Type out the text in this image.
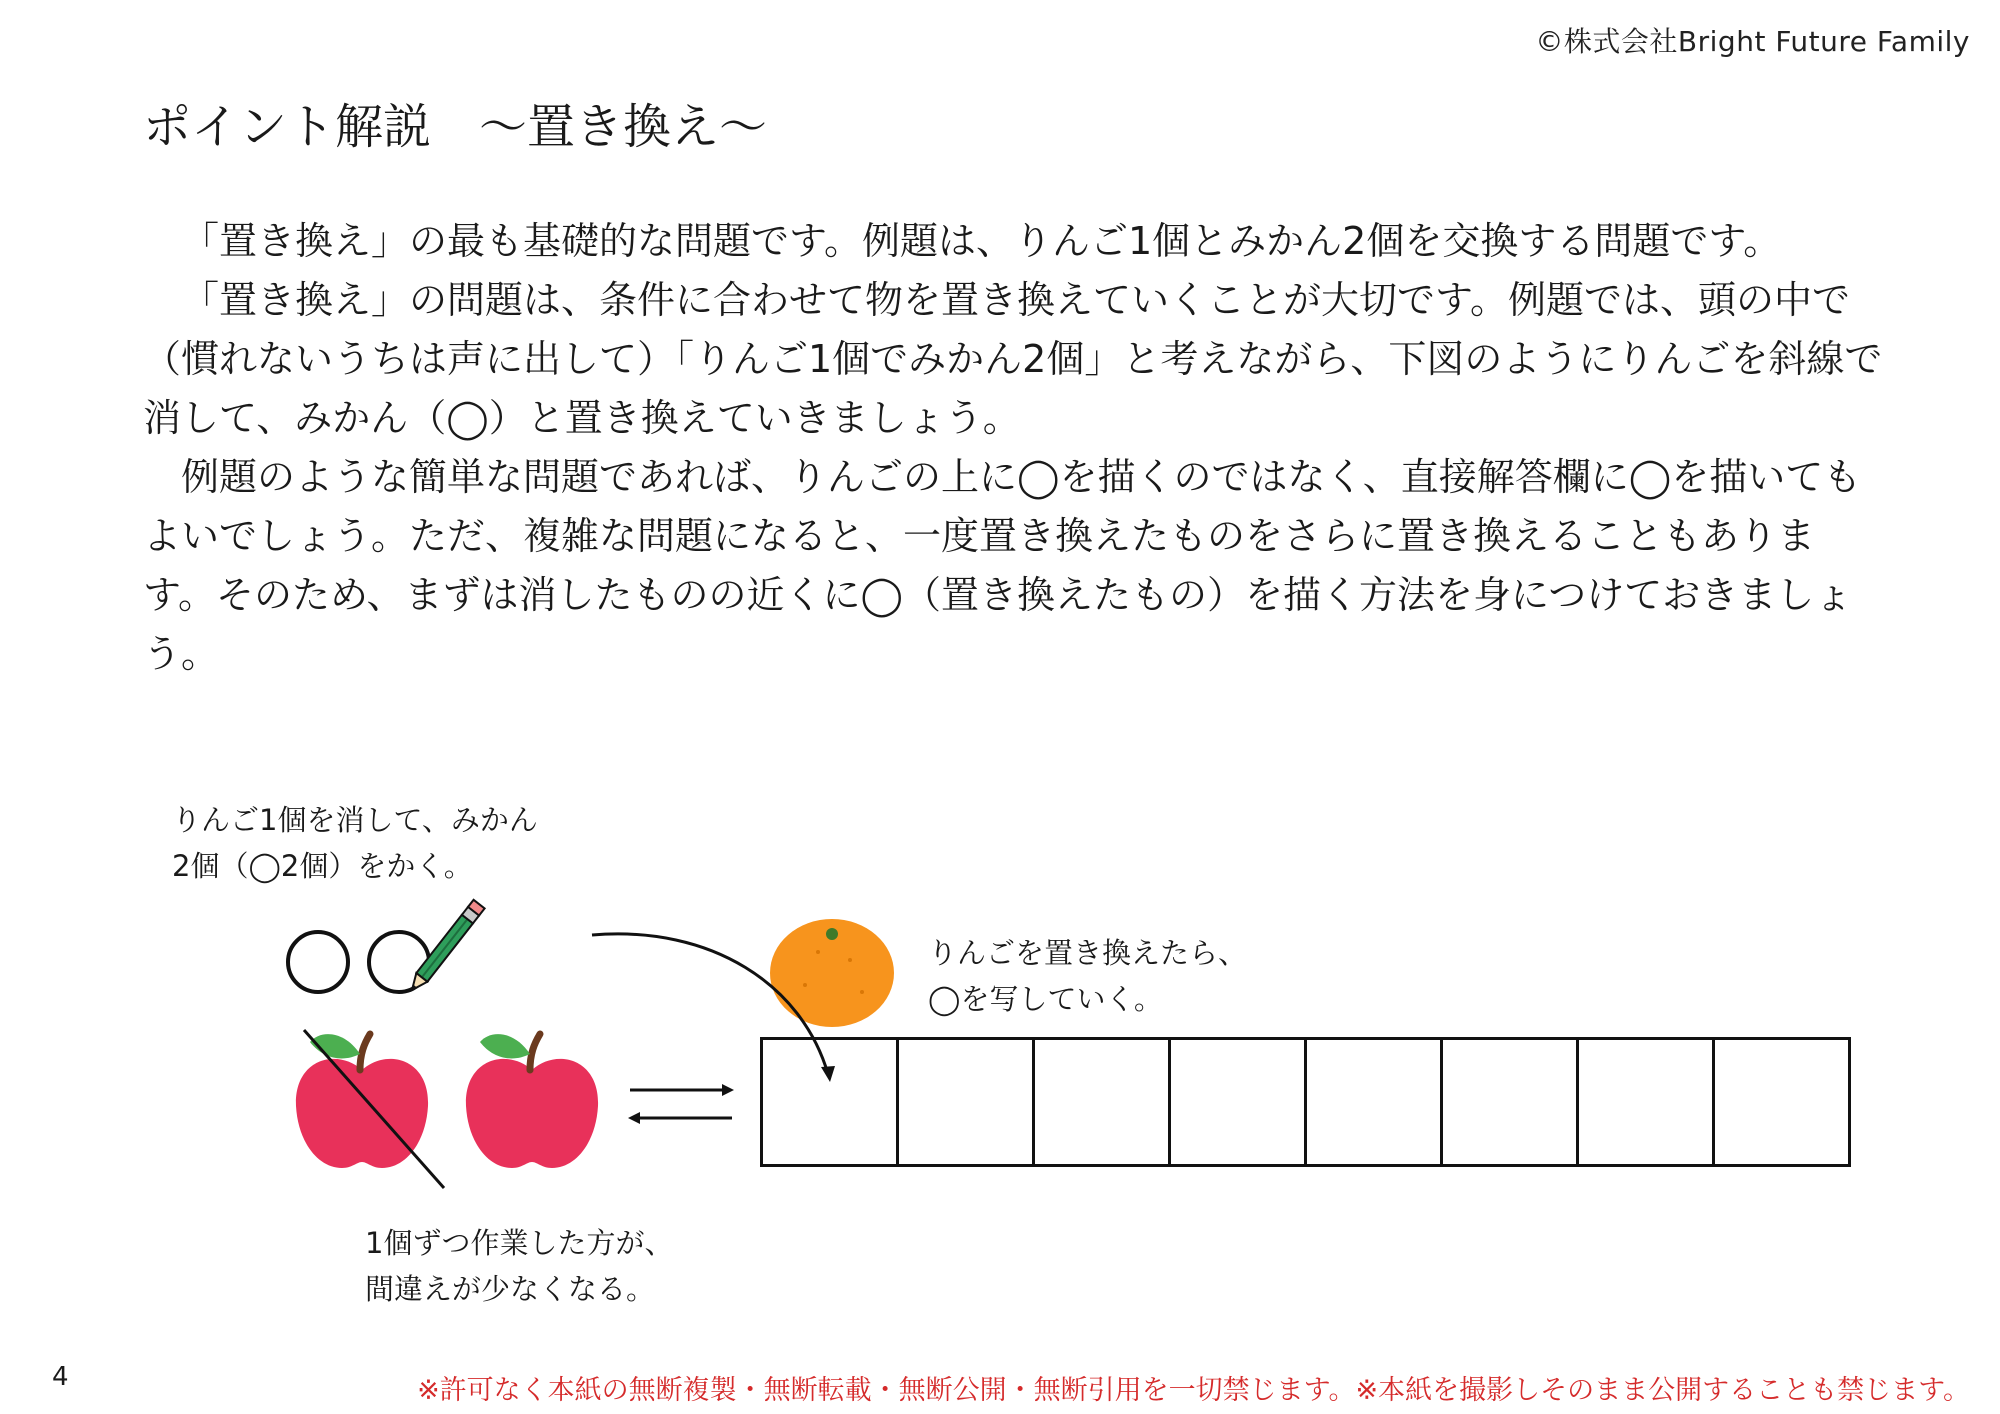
©株式会社Bright Future Family
ポイント解説　～置き換え～

「置き換え」の最も基礎的な問題です。例題は、りんご1個とみかん2個を交換する問題です。

「置き換え」の問題は、条件に合わせて物を置き換えていくことが大切です。例題では、頭の中で（慣れないうちは声に出して）「りんご1個でみかん2個」と考えながら、下図のようにりんごを斜線で消して、みかん（◯）と置き換えていきましょう。

例題のような簡単な問題であれば、りんごの上に◯を描くのではなく、直接解答欄に◯を描いてもよいでしょう。ただ、複雑な問題になると、一度置き換えたものをさらに置き換えることもあります。そのため、まずは消したものの近くに◯（置き換えたもの）を描く方法を身につけておきましょう。

りんご1個を消して、みかん
2個（◯2個）をかく。
りんごを置き換えたら、
◯を写していく。
1個ずつ作業した方が、
間違えが少なくなる。
4	※許可なく本紙の無断複製・無断転載・無断公開・無断引用を一切禁じます。※本紙を撮影しそのまま公開することも禁じます。
